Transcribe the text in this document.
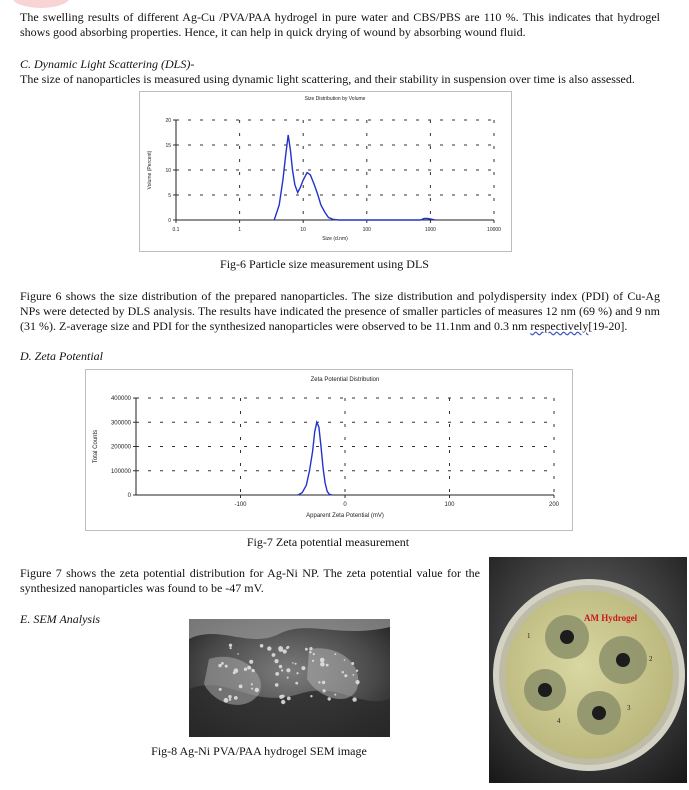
The swelling results of different Ag-Cu /PVA/PAA hydrogel in pure water and CBS/PBS are 110 %. This indicates that hydrogel shows good absorbing properties. Hence, it can help in quick drying of wound by absorbing wound fluid.
C. Dynamic Light Scattering (DLS)-
The size of nanoparticles is measured using dynamic light scattering, and their stability in suspension over time is also assessed.
Size Distribution by Volume
0
5
10
15
20
0.1	1	10	100	1000	10000
Size (d.nm)
Volume (Percent)
Fig-6 Particle size measurement using DLS
Figure 6 shows the size distribution of the prepared nanoparticles. The size distribution and polydispersity index (PDI) of Cu-Ag NPs were detected by DLS analysis. The results have indicated the presence of smaller particles of measures 12 nm (69 %) and 9 nm (31 %). Z-average size and PDI for the synthesized nanoparticles were observed to be 11.1nm and 0.3 nm respectively[19-20].
D. Zeta Potential
Zeta Potential Distribution
0
100000
200000
300000
400000
-100	0	100	200
Apparent Zeta Potential (mV)
Total Counts
Fig-7 Zeta potential measurement
Figure 7 shows the zeta potential distribution for Ag-Ni NP. The zeta potential value for the synthesized nanoparticles was found to be -47 mV.
E. SEM Analysis
Fig-8 Ag-Ni PVA/PAA hydrogel SEM image
AM Hydrogel
1
2
3
4
